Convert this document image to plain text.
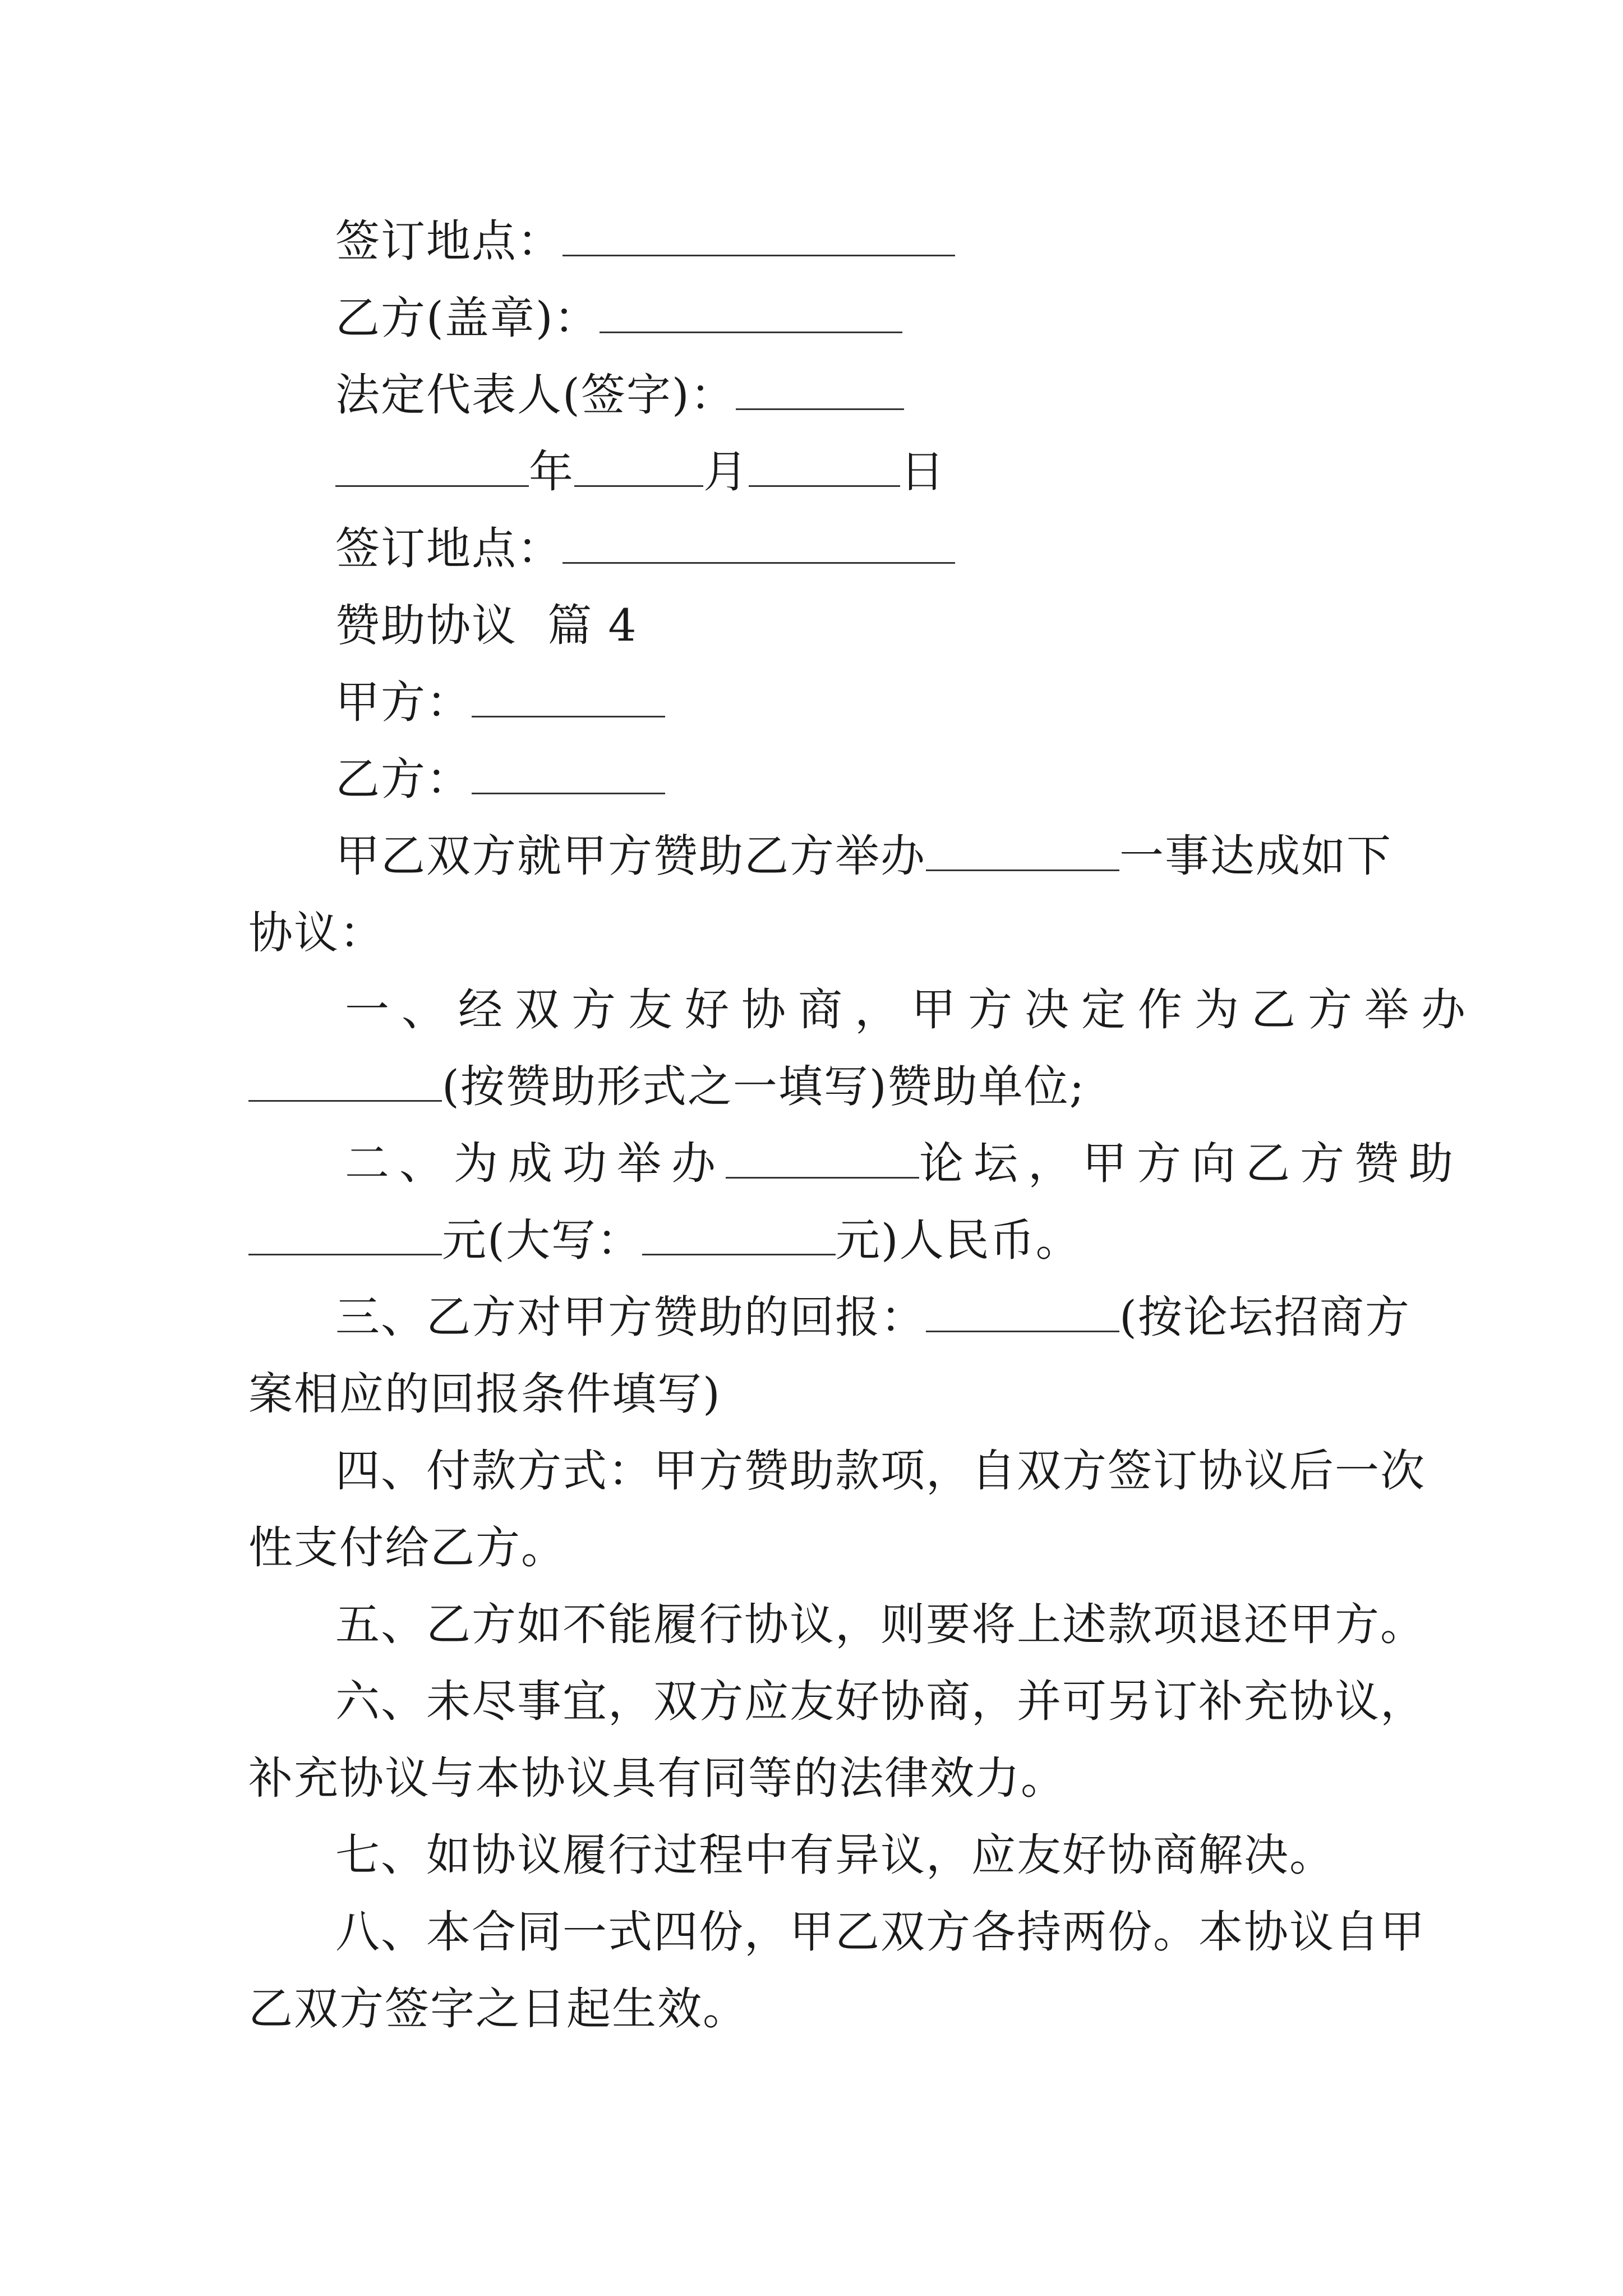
签订地点：
乙方(盖章)：
法定代表人(签字)：
年	月	日
签订地点：
赞助协议  篇 4
甲方：
乙方：
甲乙双方就甲方赞助乙方举办	一事达成如下
协议：
一、经双方友好协商，甲方决定作为乙方举办
(按赞助形式之一填写)赞助单位;
二、为成功举办	论坛，甲方向乙方赞助
元(大写：	元)人民币。
三、乙方对甲方赞助的回报：	(按论坛招商方
案相应的回报条件填写)
四、付款方式：甲方赞助款项，自双方签订协议后一次
性支付给乙方。
五、乙方如不能履行协议，则要将上述款项退还甲方。
六、未尽事宜，双方应友好协商，并可另订补充协议，
补充协议与本协议具有同等的法律效力。
七、如协议履行过程中有异议，应友好协商解决。
八、本合同一式四份，甲乙双方各持两份。本协议自甲
乙双方签字之日起生效。
